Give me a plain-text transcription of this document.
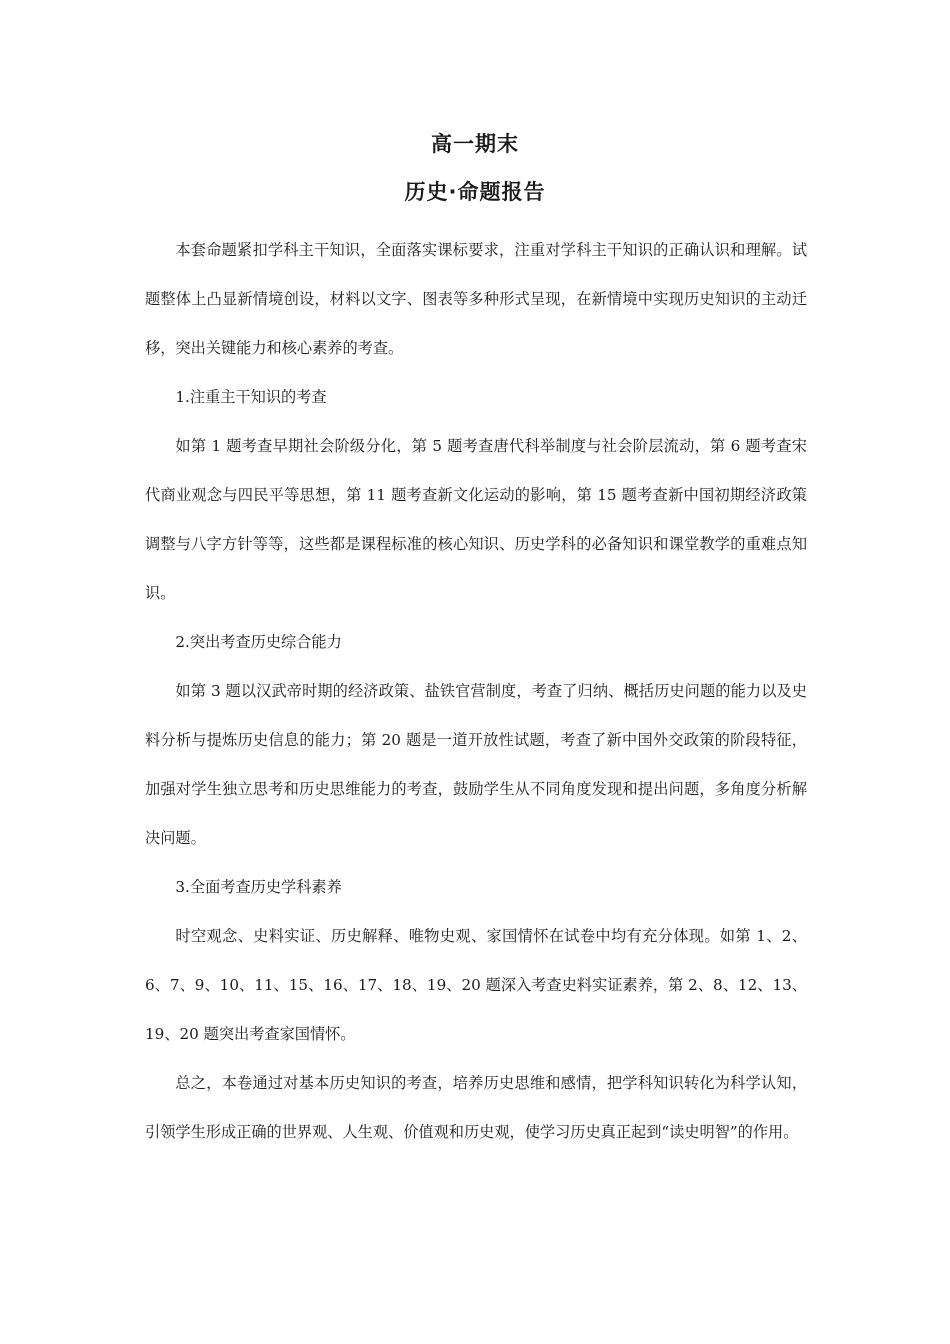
高一期末
历史·命题报告

本套命题紧扣学科主干知识，全面落实课标要求，注重对学科主干知识的正确认识和理解。试题整体上凸显新情境创设，材料以文字、图表等多种形式呈现，在新情境中实现历史知识的主动迁移，突出关键能力和核心素养的考查。

1.注重主干知识的考查

如第 1 题考查早期社会阶级分化，第 5 题考查唐代科举制度与社会阶层流动，第 6 题考查宋代商业观念与四民平等思想，第 11 题考查新文化运动的影响，第 15 题考查新中国初期经济政策调整与八字方针等等，这些都是课程标准的核心知识、历史学科的必备知识和课堂教学的重难点知识。

2.突出考查历史综合能力

如第 3 题以汉武帝时期的经济政策、盐铁官营制度，考查了归纳、概括历史问题的能力以及史料分析与提炼历史信息的能力；第 20 题是一道开放性试题，考查了新中国外交政策的阶段特征，加强对学生独立思考和历史思维能力的考查，鼓励学生从不同角度发现和提出问题，多角度分析解决问题。

3.全面考查历史学科素养

时空观念、史料实证、历史解释、唯物史观、家国情怀在试卷中均有充分体现。如第 1、2、6、7、9、10、11、15、16、17、18、19、20 题深入考查史料实证素养，第 2、8、12、13、19、20 题突出考查家国情怀。

总之，本卷通过对基本历史知识的考查，培养历史思维和感情，把学科知识转化为科学认知，引领学生形成正确的世界观、人生观、价值观和历史观，使学习历史真正起到“读史明智”的作用。
